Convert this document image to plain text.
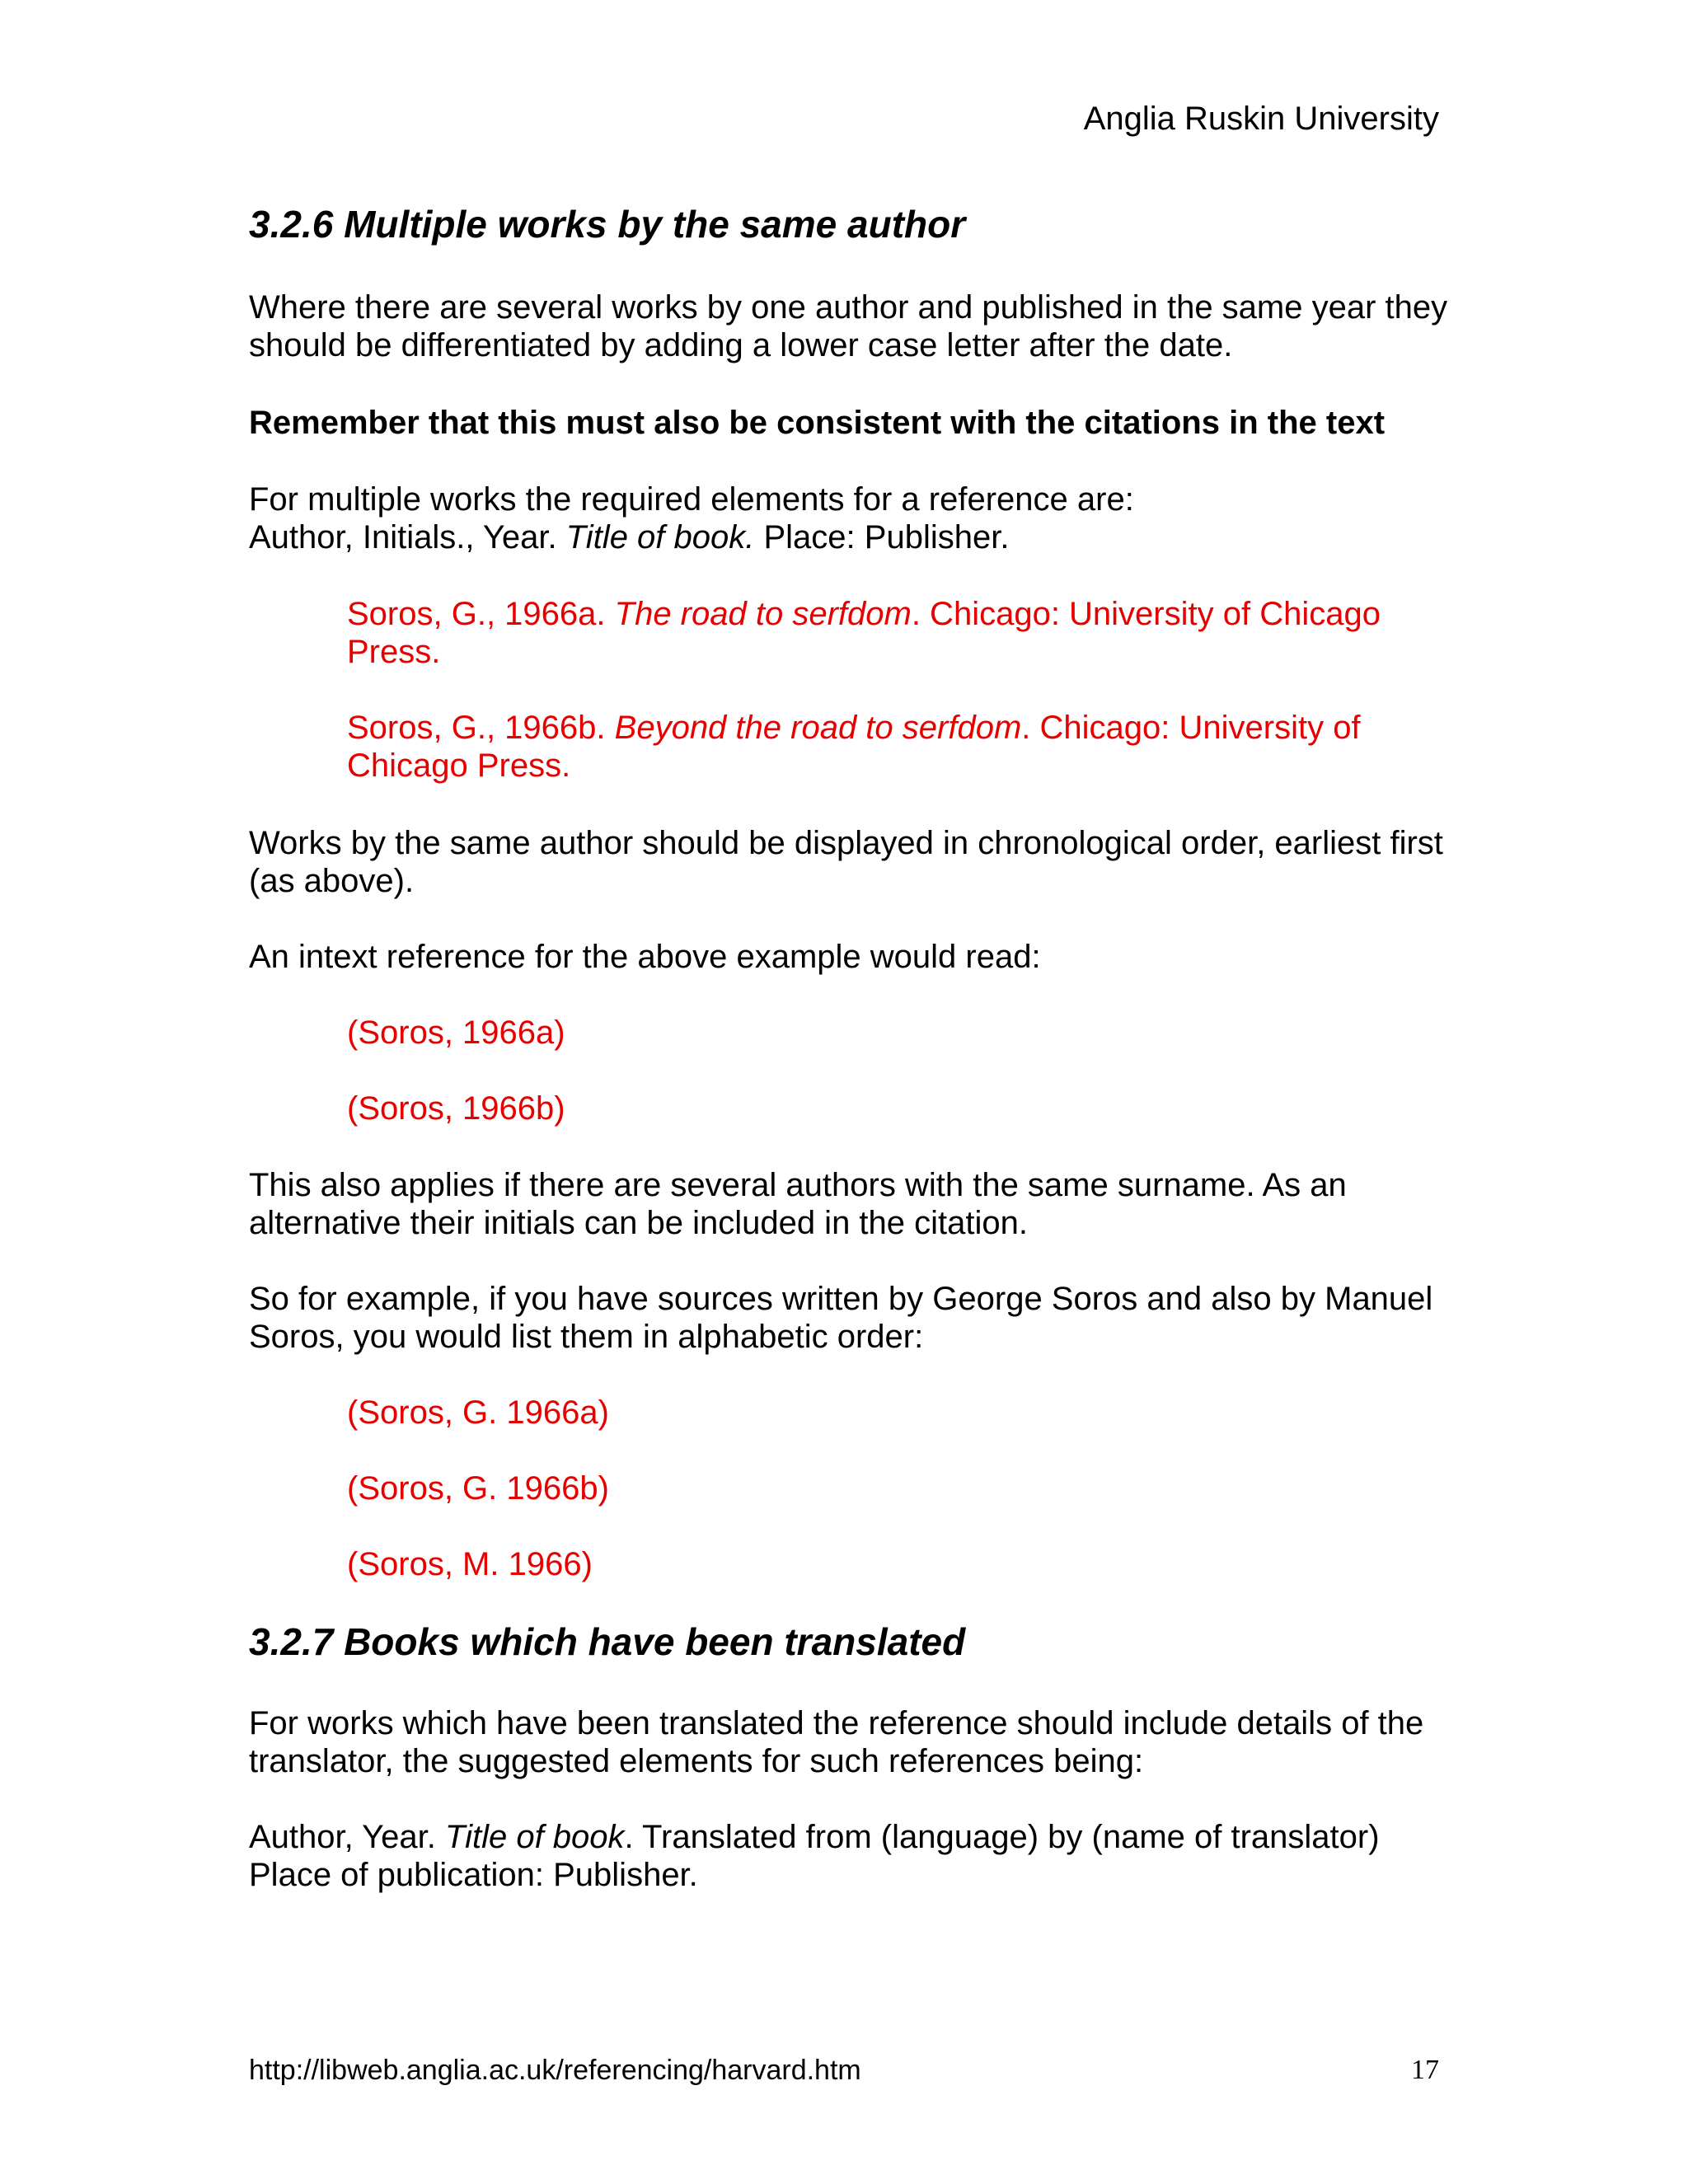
Anglia Ruskin University
3.2.6 Multiple works by the same author
Where there are several works by one author and published in the same year they should be differentiated by adding a lower case letter after the date.
Remember that this must also be consistent with the citations in the text
For multiple works the required elements for a reference are:
Author, Initials., Year. Title of book. Place: Publisher.
Soros, G., 1966a. The road to serfdom. Chicago: University of Chicago Press.
Soros, G., 1966b. Beyond the road to serfdom. Chicago: University of Chicago Press.
Works by the same author should be displayed in chronological order, earliest first (as above).
An intext reference for the above example would read:
(Soros, 1966a)
(Soros, 1966b)
This also applies if there are several authors with the same surname. As an alternative their initials can be included in the citation.
So for example, if you have sources written by George Soros and also by Manuel Soros, you would list them in alphabetic order:
(Soros, G. 1966a)
(Soros, G. 1966b)
(Soros, M. 1966)
3.2.7 Books which have been translated
For works which have been translated the reference should include details of the translator, the suggested elements for such references being:
Author, Year. Title of book. Translated from (language) by (name of translator) Place of publication: Publisher.
http://libweb.anglia.ac.uk/referencing/harvard.htm	17
